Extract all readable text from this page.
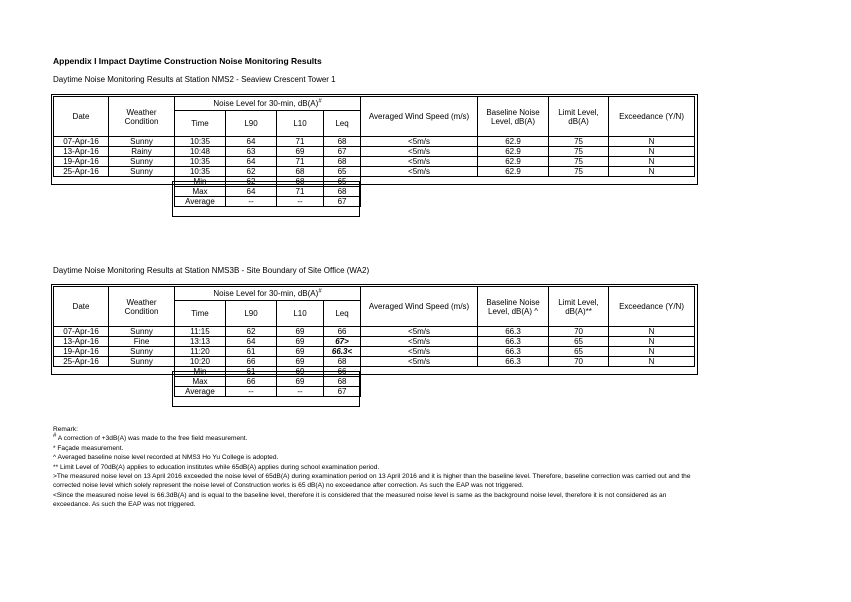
Appendix I Impact Daytime Construction Noise Monitoring Results
Daytime Noise Monitoring Results at Station NMS2 - Seaview Crescent Tower 1
Date	Weather Condition	Noise Level for 30-min, dB(A)#				Averaged Wind Speed (m/s)	Baseline Noise Level, dB(A)	Limit Level, dB(A)	Exceedance (Y/N)
		Time	L90	L10	Leq				
07-Apr-16	Sunny	10:35	64	71	68	<5m/s	62.9	75	N
13-Apr-16	Rainy	10:48	63	69	67	<5m/s	62.9	75	N
19-Apr-16	Sunny	10:35	64	71	68	<5m/s	62.9	75	N
25-Apr-16	Sunny	10:35	62	68	65	<5m/s	62.9	75	N
		Min	62	68	65				
		Max	64	71	68				
		Average	--	--	67				
Daytime Noise Monitoring Results at Station NMS3B - Site Boundary of Site Office (WA2)
Date	Weather Condition	Noise Level for 30-min, dB(A)#				Averaged Wind Speed (m/s)	Baseline Noise Level, dB(A) ^	Limit Level, dB(A)**	Exceedance (Y/N)
		Time	L90	L10	Leq				
07-Apr-16	Sunny	11:15	62	69	66	<5m/s	66.3	70	N
13-Apr-16	Fine	13:13	64	69	67>	<5m/s	66.3	65	N
19-Apr-16	Sunny	11:20	61	69	66.3<	<5m/s	66.3	65	N
25-Apr-16	Sunny	10:20	66	69	68	<5m/s	66.3	70	N
		Min	61	69	66				
		Max	66	69	68				
		Average	--	--	67				
Remark:
# A correction of +3dB(A) was made to the free field measurement.
* Façade measurement.
^ Averaged baseline noise level recorded at NMS3 Ho Yu College is adopted.
** Limit Level of 70dB(A) applies to education institutes while 65dB(A) applies during school examination period.
>The measured noise level on 13 April 2016 exceeded the noise level of 65dB(A) during examination period on 13 April 2016 and it is higher than the baseline level. Therefore, baseline correction was carried out and the corrected noise level which solely represent the noise level of Construction works is 65 dB(A) no exceedance after correction. As such the EAP was not triggered.
<Since the measured noise level is 66.3dB(A) and is equal to the baseline level, therefore it is considered that the measured noise level is same as the background noise level, therefore it is not considered as an exceedance. As such the EAP was not triggered.
